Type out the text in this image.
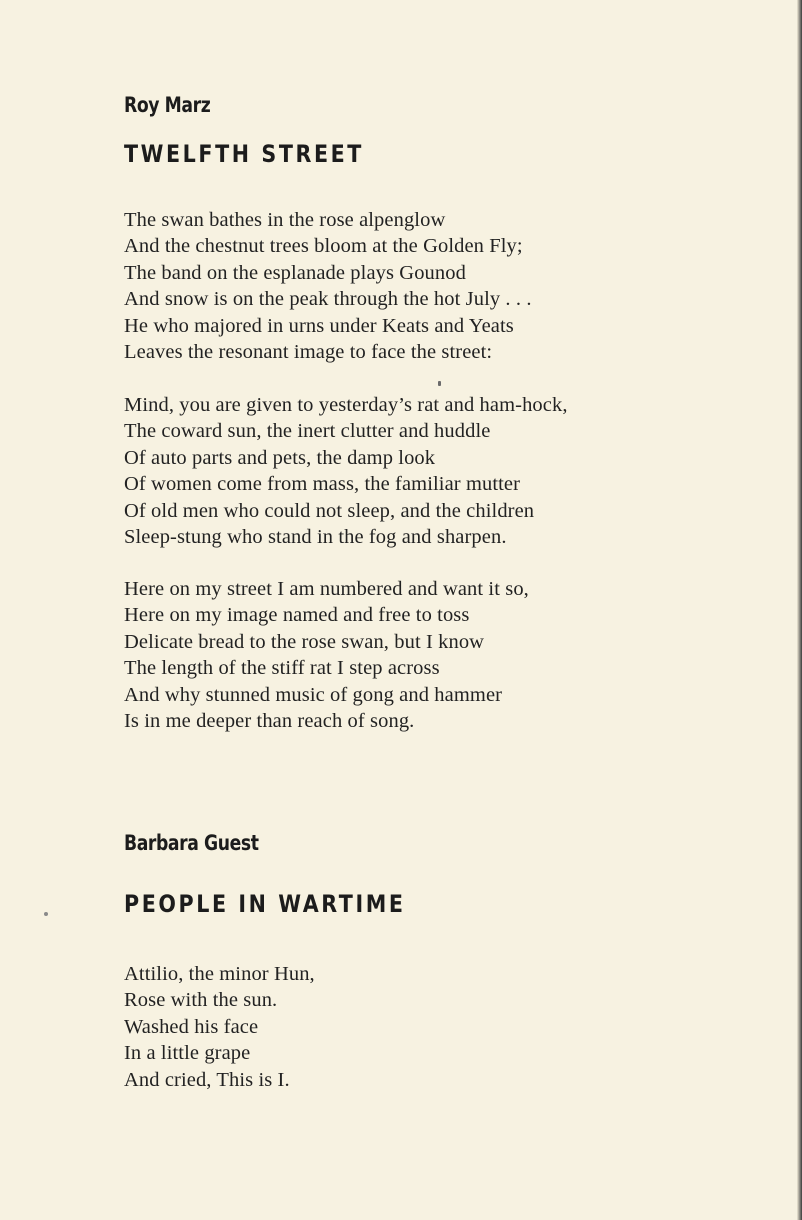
Roy Marz
TWELFTH STREET
The swan bathes in the rose alpenglow
And the chestnut trees bloom at the Golden Fly;
The band on the esplanade plays Gounod
And snow is on the peak through the hot July . . .
He who majored in urns under Keats and Yeats
Leaves the resonant image to face the street:
Mind, you are given to yesterday’s rat and ham-hock,
The coward sun, the inert clutter and huddle
Of auto parts and pets, the damp look
Of women come from mass, the familiar mutter
Of old men who could not sleep, and the children
Sleep-stung who stand in the fog and sharpen.
Here on my street I am numbered and want it so,
Here on my image named and free to toss
Delicate bread to the rose swan, but I know
The length of the stiff rat I step across
And why stunned music of gong and hammer
Is in me deeper than reach of song.
Barbara Guest
PEOPLE IN WARTIME
Attilio, the minor Hun,
Rose with the sun.
Washed his face
In a little grape
And cried, This is I.
